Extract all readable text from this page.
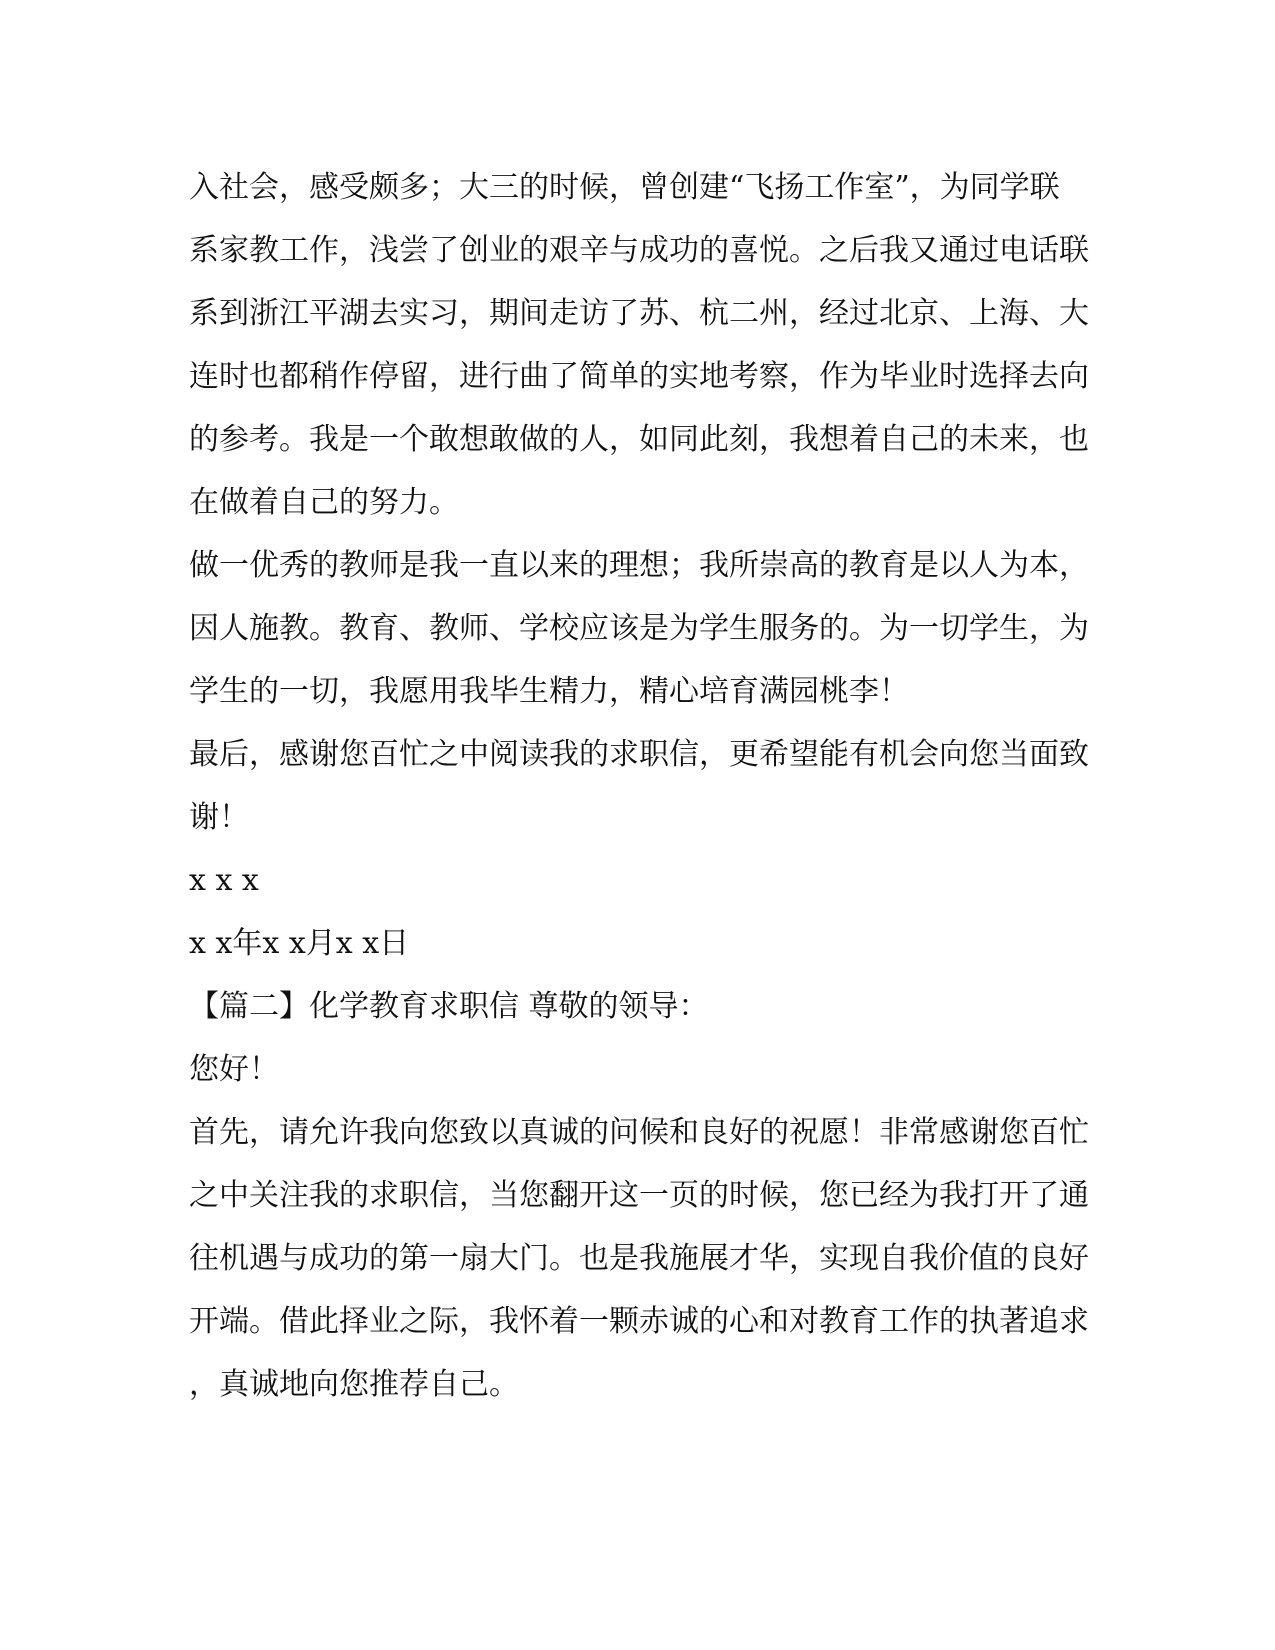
入社会，感受颇多；大三的时候，曾创建“飞扬工作室”，为同学联
系家教工作，浅尝了创业的艰辛与成功的喜悦。之后我又通过电话联
系到浙江平湖去实习，期间走访了苏、杭二州，经过北京、上海、大
连时也都稍作停留，进行曲了简单的实地考察，作为毕业时选择去向
的参考。我是一个敢想敢做的人，如同此刻，我想着自己的未来，也
在做着自己的努力。
做一优秀的教师是我一直以来的理想；我所崇高的教育是以人为本，
因人施教。教育、教师、学校应该是为学生服务的。为一切学生，为
学生的一切，我愿用我毕生精力，精心培育满园桃李！
最后，感谢您百忙之中阅读我的求职信，更希望能有机会向您当面致
谢！
x x x
x x年x x月x x日
【篇二】化学教育求职信 尊敬的领导：
您好！
首先，请允许我向您致以真诚的问候和良好的祝愿！非常感谢您百忙
之中关注我的求职信，当您翻开这一页的时候，您已经为我打开了通
往机遇与成功的第一扇大门。也是我施展才华，实现自我价值的良好
开端。借此择业之际，我怀着一颗赤诚的心和对教育工作的执著追求
，真诚地向您推荐自己。
